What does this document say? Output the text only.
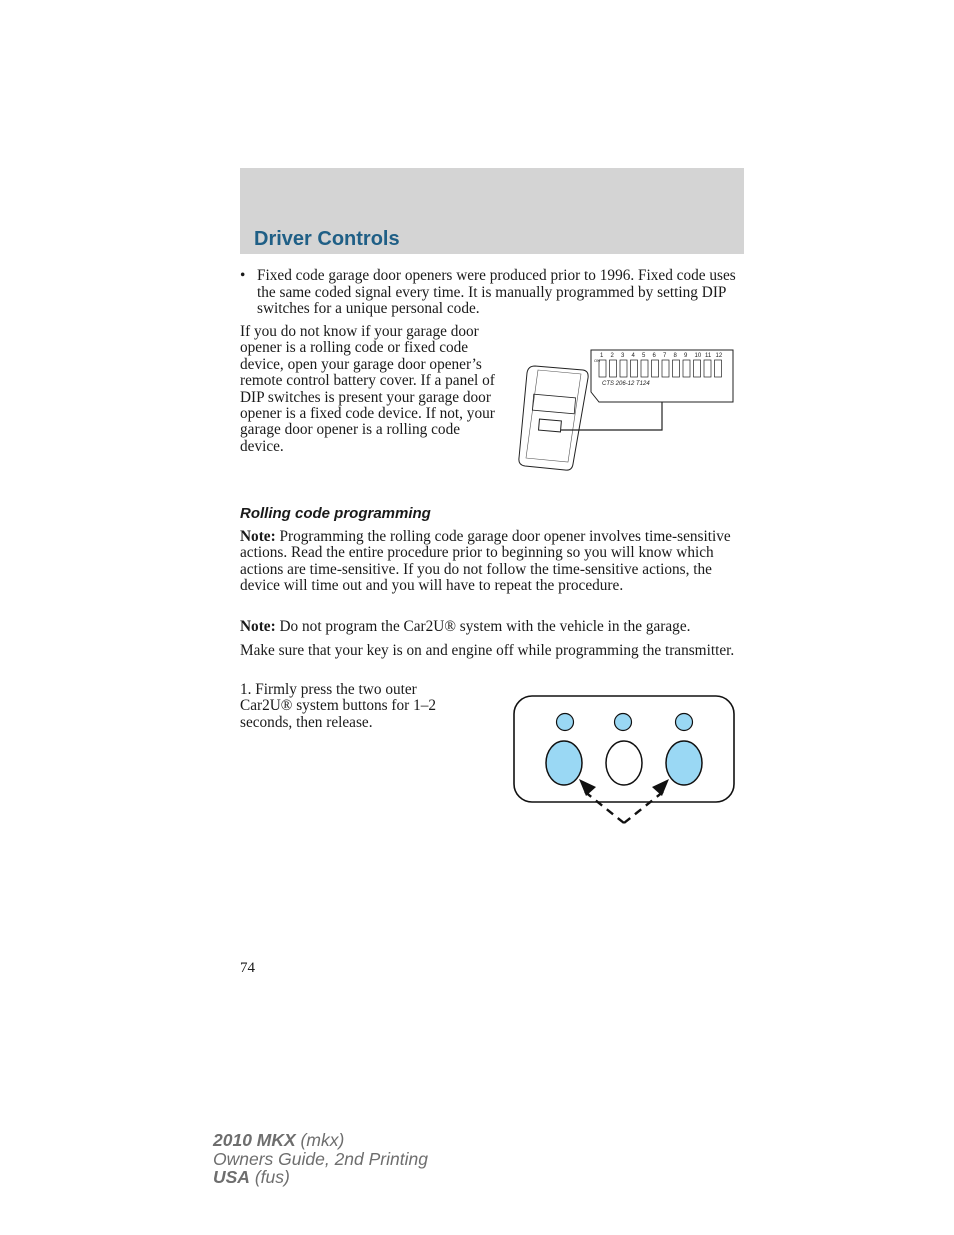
Driver Controls
• Fixed code garage door openers were produced prior to 1996. Fixed code uses the same coded signal every time. It is manually programmed by setting DIP switches for a unique personal code.
If you do not know if your garage door opener is a rolling code or fixed code device, open your garage door opener’s remote control battery cover. If a panel of DIP switches is present your garage door opener is a fixed code device. If not, your garage door opener is a rolling code device.
1 2 3 4 5 6 7 8 9 10 11 12
ON
CTS 206-12 T124
Rolling code programming

Note: Programming the rolling code garage door opener involves time-sensitive actions. Read the entire procedure prior to beginning so you will know which actions are time-sensitive. If you do not follow the time-sensitive actions, the device will time out and you will have to repeat the procedure.

Note: Do not program the Car2U® system with the vehicle in the garage.

Make sure that your key is on and engine off while programming the transmitter.

1. Firmly press the two outer Car2U® system buttons for 1–2 seconds, then release.

74
2010 MKX (mkx)
Owners Guide, 2nd Printing
USA (fus)
